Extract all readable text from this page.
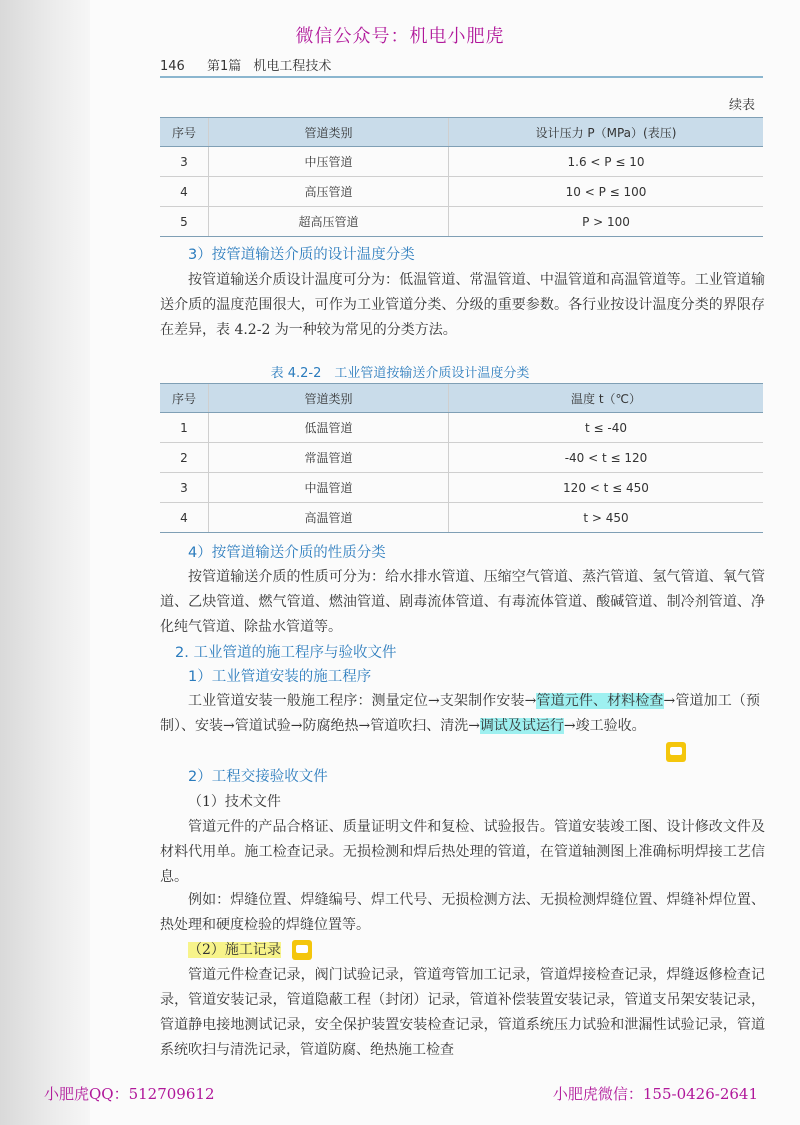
微信公众号：机电小肥虎
146 第1篇 机电工程技术
续表
序号	管道类别	设计压力 P（MPa）(表压)
3	中压管道	1.6 < P ≤ 10
4	高压管道	10 < P ≤ 100
5	超高压管道	P > 100
3）按管道输送介质的设计温度分类
按管道输送介质设计温度可分为：低温管道、常温管道、中温管道和高温管道等。工业管道输送介质的温度范围很大，可作为工业管道分类、分级的重要参数。各行业按设计温度分类的界限存在差异，表 4.2-2 为一种较为常见的分类方法。
表 4.2-2　工业管道按输送介质设计温度分类
序号	管道类别	温度 t（℃）
1	低温管道	t ≤ -40
2	常温管道	-40 < t ≤ 120
3	中温管道	120 < t ≤ 450
4	高温管道	t > 450
4）按管道输送介质的性质分类
按管道输送介质的性质可分为：给水排水管道、压缩空气管道、蒸汽管道、氢气管道、氧气管道、乙炔管道、燃气管道、燃油管道、剧毒流体管道、有毒流体管道、酸碱管道、制冷剂管道、净化纯气管道、除盐水管道等。
2. 工业管道的施工程序与验收文件
1）工业管道安装的施工程序
工业管道安装一般施工程序：测量定位→支架制作安装→管道元件、材料检查→管道加工（预制）、安装→管道试验→防腐绝热→管道吹扫、清洗→调试及试运行→竣工验收。
2）工程交接验收文件
（1）技术文件
管道元件的产品合格证、质量证明文件和复检、试验报告。管道安装竣工图、设计修改文件及材料代用单。施工检查记录。无损检测和焊后热处理的管道，在管道轴测图上准确标明焊接工艺信息。
例如：焊缝位置、焊缝编号、焊工代号、无损检测方法、无损检测焊缝位置、焊缝补焊位置、热处理和硬度检验的焊缝位置等。
（2）施工记录
管道元件检查记录，阀门试验记录，管道弯管加工记录，管道焊接检查记录，焊缝返修检查记录，管道安装记录，管道隐蔽工程（封闭）记录，管道补偿装置安装记录，管道支吊架安装记录，管道静电接地测试记录，安全保护装置安装检查记录，管道系统压力试验和泄漏性试验记录，管道系统吹扫与清洗记录，管道防腐、绝热施工检查
小肥虎QQ：512709612	小肥虎微信：155-0426-2641
